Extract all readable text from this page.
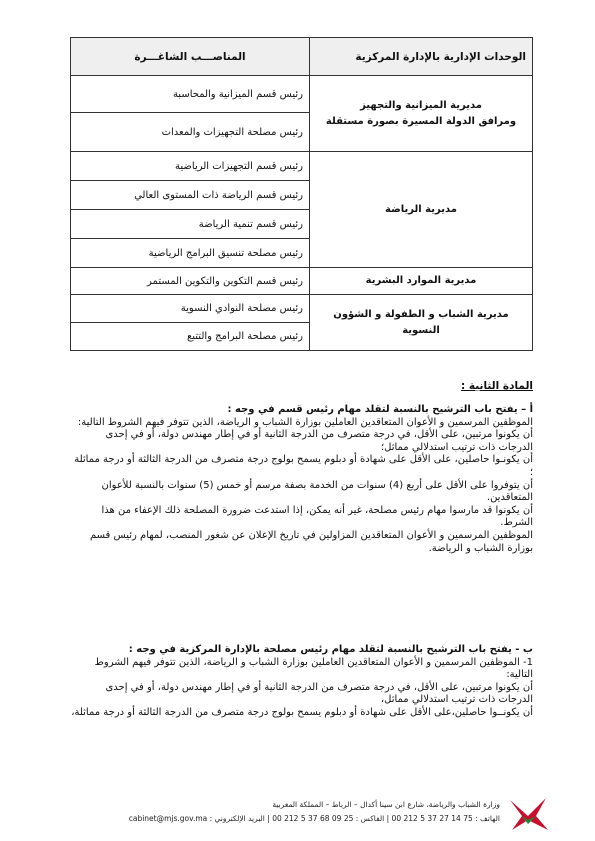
الوحدات الإدارية بالإدارة المركزية	المناصـــب الشاغـــرة
مديرية الميزانية والتجهيز
ومرافق الدولة المسيرة بصورة مستقلة	رئيس قسم الميزانية والمحاسبة
	رئيس مصلحة التجهيزات والمعدات
مديرية الرياضة	رئيس قسم التجهيزات الرياضية
	رئيس قسم الرياضة ذات المستوى العالي
	رئيس قسم تنمية الرياضة
	رئيس مصلحة تنسيق البرامج الرياضية
مديرية الموارد البشرية	رئيس قسم التكوين والتكوين المستمر
مديرية الشباب و الطفولة و الشؤون النسوية	رئيس مصلحة النوادي النسوية
	رئيس مصلحة البرامج والتتبع
المادة الثانية :

أ – يفتح باب الترشيح بالنسبة لتقلد مهام رئيس قسم في وجه :

الموظفين المرسمين و الأعوان المتعاقدين العاملين بوزارة الشباب و الرياضة، الذين تتوفر فيهم الشروط التالية:

أن يكونوا مرتبين، على الأقل، في درجة متصرف من الدرجة الثانية أو في إطار مهندس دولة، أو في إحدى الدرجات ذات ترتيب استدلالي مماثل؛

أن يكونـوا حاصلين، على الأقل على شهادة أو دبلوم يسمح بولوج درجة متصرف من الدرجة الثالثة أو درجة مماثلة ؛

أن يتوفروا على الأقل على أربع (4) سنوات من الخدمة بصفة مرسم أو خمس (5) سنوات بالنسبة للأعوان المتعاقدين.

أن يكونوا قد مارسوا مهام رئيس مصلحة، غير أنه يمكن، إذا استدعت ضرورة المصلحة ذلك الإعفاء من هذا الشرط.

الموظفين المرسمين و الأعوان المتعاقدين المزاولين في تاريخ الإعلان عن شغور المنصب، لمهام رئيس قسم بوزارة الشباب و الرياضة.

ب - يفتح باب الترشيح بالنسبة لتقلد مهام رئيس مصلحة بالإدارة المركزية في وجه :

1- الموظفين المرسمين و الأعوان المتعاقدين العاملين بوزارة الشباب و الرياضة، الذين تتوفر فيهم الشروط التالية:

أن يكونوا مرتبين، على الأقل، في درجة متصرف من الدرجة الثانية أو في إطار مهندس دولة، أو في إحدى الدرجات ذات ترتيب استدلالي مماثل،

أن يكونــوا حاصلين،على الأقل على شهادة أو دبلوم يسمح بولوج درجة متصرف من الدرجة الثالثة أو درجة مماثلة،

وزارة الشباب والرياضة، شارع ابن سينا أكدال – الرباط – المملكة المغربية
الهاتف : 75 14 27 37 5 212 00 | الفاكس : 25 09 68 37 5 212 00 | البريد الإلكتروني : cabinet@mjs.gov.ma
